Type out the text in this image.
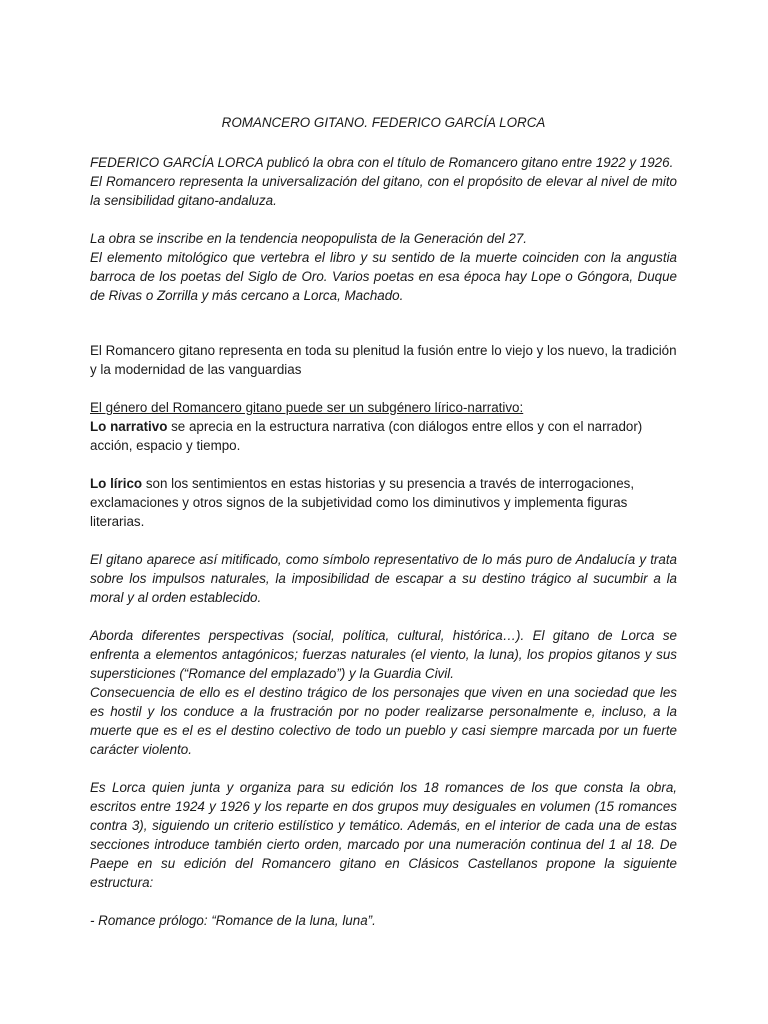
ROMANCERO GITANO. FEDERICO GARCÍA LORCA

FEDERICO GARCÍA LORCA publicó la obra con el título de Romancero gitano entre 1922 y 1926.

El Romancero representa la universalización del gitano, con el propósito de elevar al nivel de mito la sensibilidad gitano-andaluza.

La obra se inscribe en la tendencia neopopulista de la Generación del 27.

El elemento mitológico que vertebra el libro y su sentido de la muerte coinciden con la angustia barroca de los poetas del Siglo de Oro. Varios poetas en esa época hay Lope o Góngora, Duque de Rivas o Zorrilla y más cercano a Lorca, Machado.

El Romancero gitano representa en toda su plenitud la fusión entre lo viejo y los nuevo, la tradición y la modernidad de las vanguardias

El género del Romancero gitano puede ser un subgénero lírico-narrativo:

Lo narrativo se aprecia en la estructura narrativa (con diálogos entre ellos y con el narrador) acción, espacio y tiempo.

Lo lírico son los sentimientos en estas historias y su presencia a través de interrogaciones, exclamaciones y otros signos de la subjetividad como los diminutivos y implementa figuras literarias.

El gitano aparece así mitificado, como símbolo representativo de lo más puro de Andalucía y trata sobre los impulsos naturales, la imposibilidad de escapar a su destino trágico al sucumbir a la moral y al orden establecido.

Aborda diferentes perspectivas (social, política, cultural, histórica…). El gitano de Lorca se enfrenta a elementos antagónicos; fuerzas naturales (el viento, la luna), los propios gitanos y sus supersticiones (“Romance del emplazado”) y la Guardia Civil.

Consecuencia de ello es el destino trágico de los personajes que viven en una sociedad que les es hostil y los conduce a la frustración por no poder realizarse personalmente e, incluso, a la muerte que es el es el destino colectivo de todo un pueblo y casi siempre marcada por un fuerte carácter violento.

Es Lorca quien junta y organiza para su edición los 18 romances de los que consta la obra, escritos entre 1924 y 1926 y los reparte en dos grupos muy desiguales en volumen (15 romances contra 3), siguiendo un criterio estilístico y temático. Además, en el interior de cada una de estas secciones introduce también cierto orden, marcado por una numeración continua del 1 al 18. De Paepe en su edición del Romancero gitano en Clásicos Castellanos propone la siguiente estructura:

- Romance prólogo: “Romance de la luna, luna”.
